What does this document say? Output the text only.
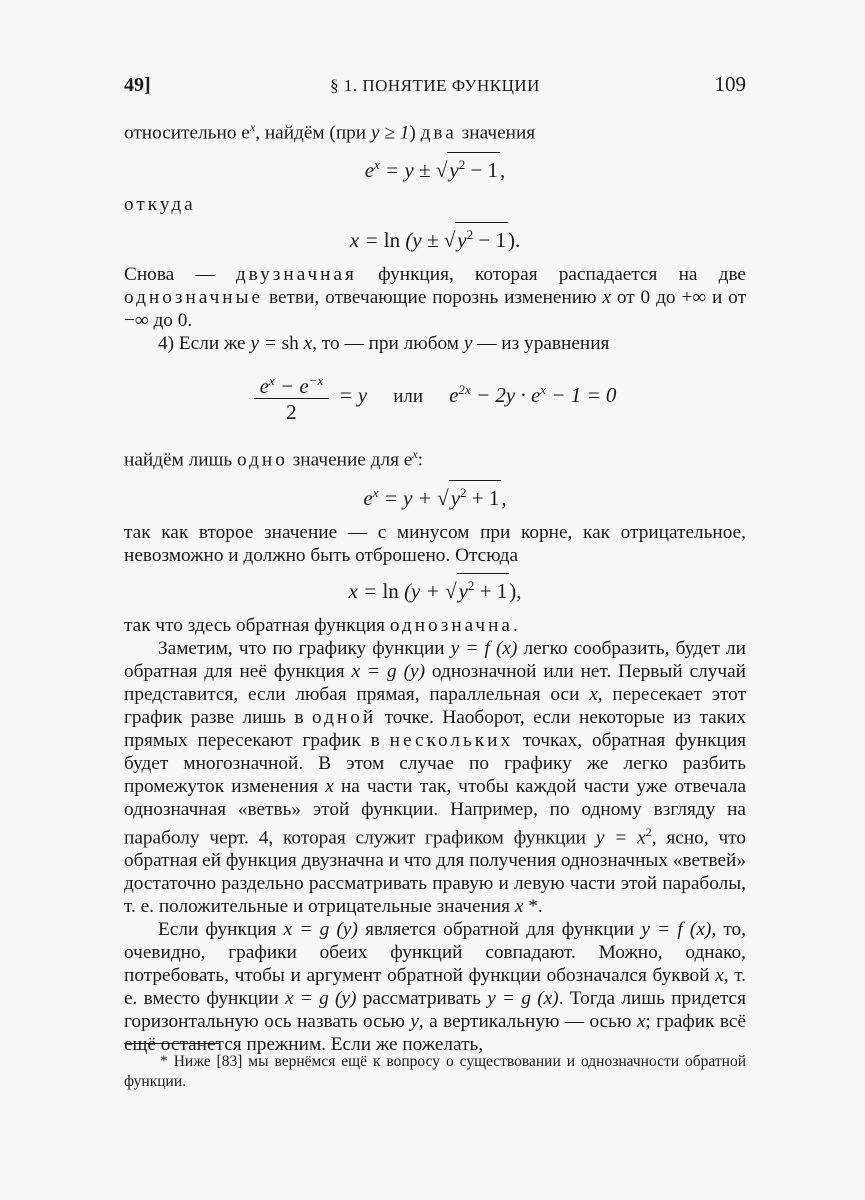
49]	§ 1. ПОНЯТИЕ ФУНКЦИИ	109

относительно $e^x$, найдём (при y ≥ 1) два значения

$e^x = y \pm √y^2 - 1$,

откуда

$x = \ln (y \pm √y^2 - 1)$.

Снова — двузначная функция, которая распадается на две однозначные ветви, отвечающие порознь изменению x от 0 до +∞ и от −∞ до 0.

4) Если же y = sh x, то — при любом y — из уравнения

$\frac{e^x - e^{-x}}{2} = y$ или $e^{2x} - 2y \cdot e^x - 1 = 0$

найдём лишь одно значение для $e^x$:

$e^x = y + √y^2 + 1$,

так как второе значение — с минусом при корне, как отрицательное, невозможно и должно быть отброшено. Отсюда

$x = \ln (y + √y^2 + 1)$,

так что здесь обратная функция однозначна.

Заметим, что по графику функции y = f (x) легко сообразить, будет ли обратная для неё функция x = g (y) однозначной или нет. Первый случай представится, если любая прямая, параллельная оси x, пересекает этот график разве лишь в одной точке. Наоборот, если некоторые из таких прямых пересекают график в нескольких точках, обратная функция будет многозначной. В этом случае по графику же легко разбить промежуток изменения x на части так, чтобы каждой части уже отвечала однозначная «ветвь» этой функции. Например, по одному взгляду на параболу черт. 4, которая служит графиком функции $y = x^2$, ясно, что обратная ей функция двузначна и что для получения однозначных «ветвей» достаточно раздельно рассматривать правую и левую части этой параболы, т. е. положительные и отрицательные значения x *.

Если функция x = g (y) является обратной для функции y = f (x), то, очевидно, графики обеих функций совпадают. Можно, однако, потребовать, чтобы и аргумент обратной функции обозначался буквой x, т. е. вместо функции x = g (y) рассматривать y = g (x). Тогда лишь придется горизонтальную ось назвать осью y, а вертикальную — осью x; график всё ещё останется прежним. Если же пожелать,

* Ниже [83] мы вернёмся ещё к вопросу о существовании и однозначности обратной функции.
